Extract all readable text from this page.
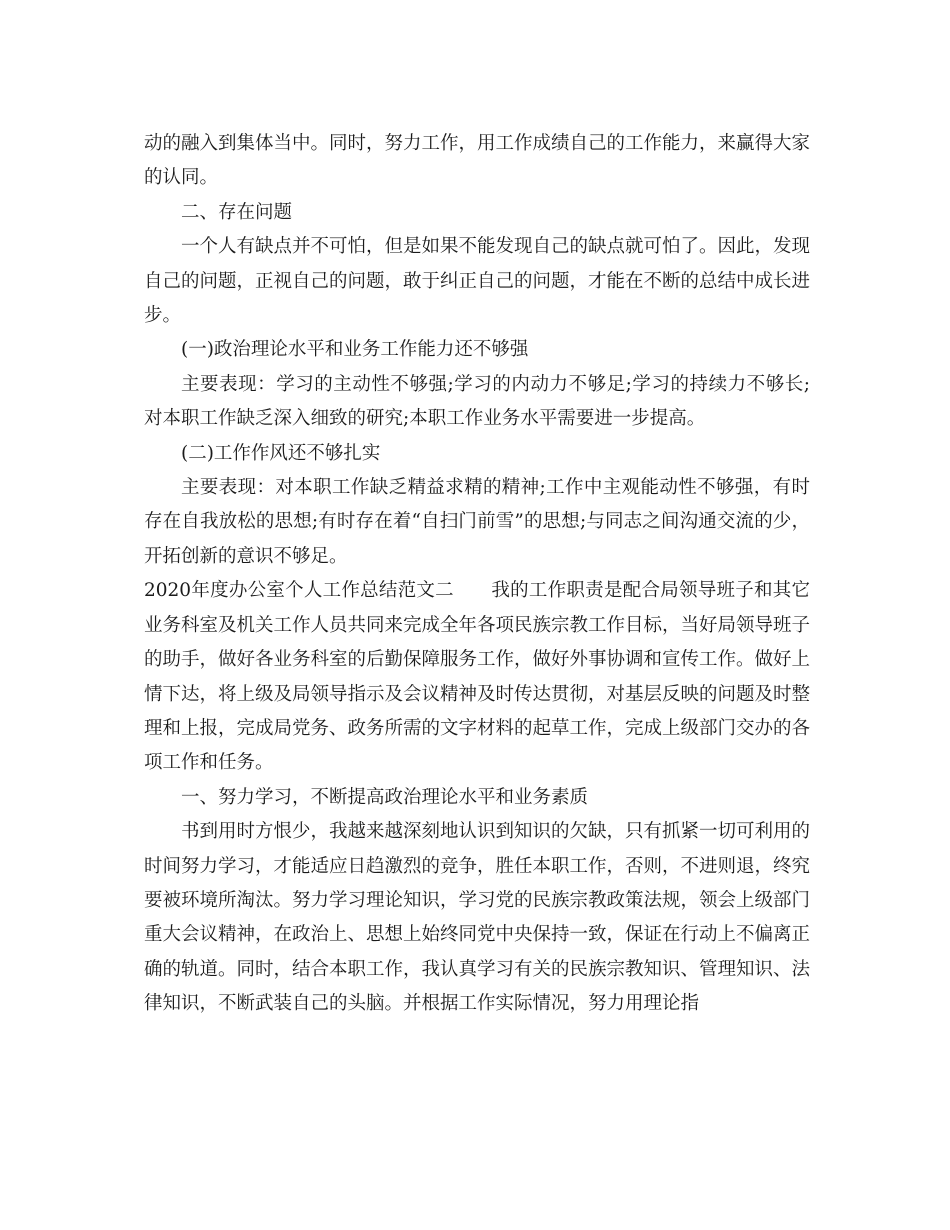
动的融入到集体当中。同时，努力工作，用工作成绩自己的工作能力，来赢得大家的认同。

二、存在问题

一个人有缺点并不可怕，但是如果不能发现自己的缺点就可怕了。因此，发现自己的问题，正视自己的问题，敢于纠正自己的问题，才能在不断的总结中成长进步。

(一)政治理论水平和业务工作能力还不够强

主要表现：学习的主动性不够强;学习的内动力不够足;学习的持续力不够长;对本职工作缺乏深入细致的研究;本职工作业务水平需要进一步提高。

(二)工作作风还不够扎实

主要表现：对本职工作缺乏精益求精的精神;工作中主观能动性不够强，有时存在自我放松的思想;有时存在着“自扫门前雪”的思想;与同志之间沟通交流的少，开拓创新的意识不够足。

2020年度办公室个人工作总结范文二　　我的工作职责是配合局领导班子和其它业务科室及机关工作人员共同来完成全年各项民族宗教工作目标，当好局领导班子的助手，做好各业务科室的后勤保障服务工作，做好外事协调和宣传工作。做好上情下达，将上级及局领导指示及会议精神及时传达贯彻，对基层反映的问题及时整理和上报，完成局党务、政务所需的文字材料的起草工作，完成上级部门交办的各项工作和任务。

一、努力学习，不断提高政治理论水平和业务素质

书到用时方恨少，我越来越深刻地认识到知识的欠缺，只有抓紧一切可利用的时间努力学习，才能适应日趋激烈的竞争，胜任本职工作，否则，不进则退，终究要被环境所淘汰。努力学习理论知识，学习党的民族宗教政策法规，领会上级部门重大会议精神，在政治上、思想上始终同党中央保持一致，保证在行动上不偏离正确的轨道。同时，结合本职工作，我认真学习有关的民族宗教知识、管理知识、法律知识，不断武装自己的头脑。并根据工作实际情况，努力用理论指
